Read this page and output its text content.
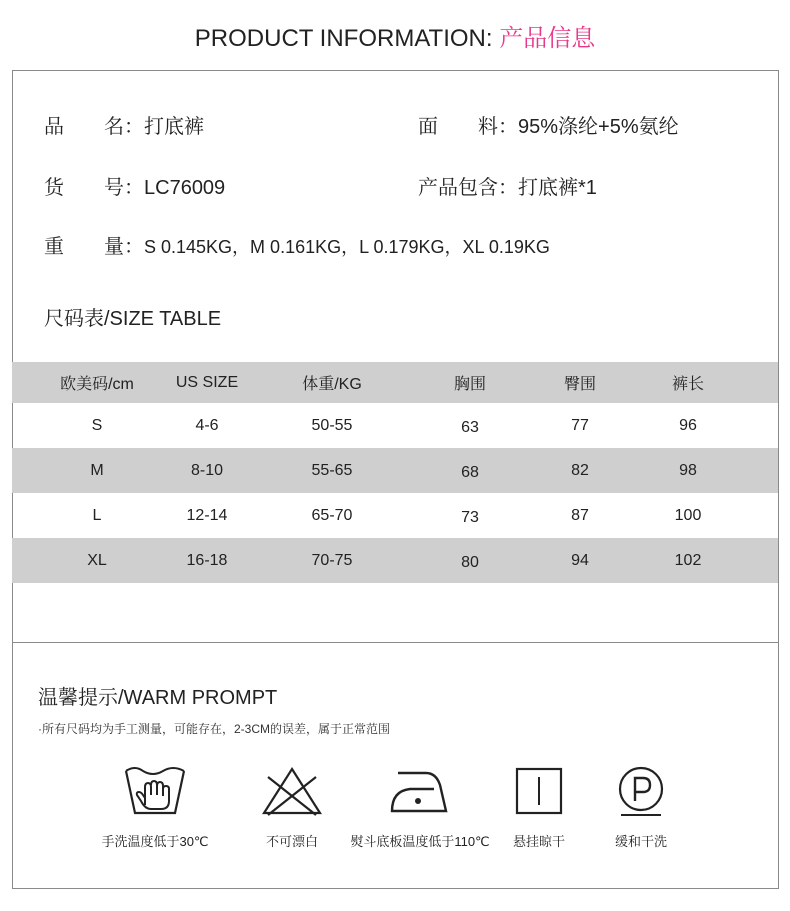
PRODUCT INFORMATION: 产品信息
品　　名：打底裤	面　　料：95%涤纶+5%氨纶
货　　号：LC76009	产品包含：打底裤*1
重　　量：S 0.145KG，M 0.161KG，L 0.179KG，XL 0.19KG
尺码表/SIZE TABLE
欧美码/cm	US SIZE	体重/KG	胸围	臀围	裤长
S	4-6	50-55	63	77	96
M	8-10	55-65	68	82	98
L	12-14	65-70	73	87	100
XL	16-18	70-75	80	94	102
温馨提示/WARM PROMPT
·所有尺码均为手工测量，可能存在，2-3CM的误差，属于正常范围
手洗温度低于30℃	不可漂白 熨斗底板温度低于110℃ 悬挂晾干	缓和干洗
